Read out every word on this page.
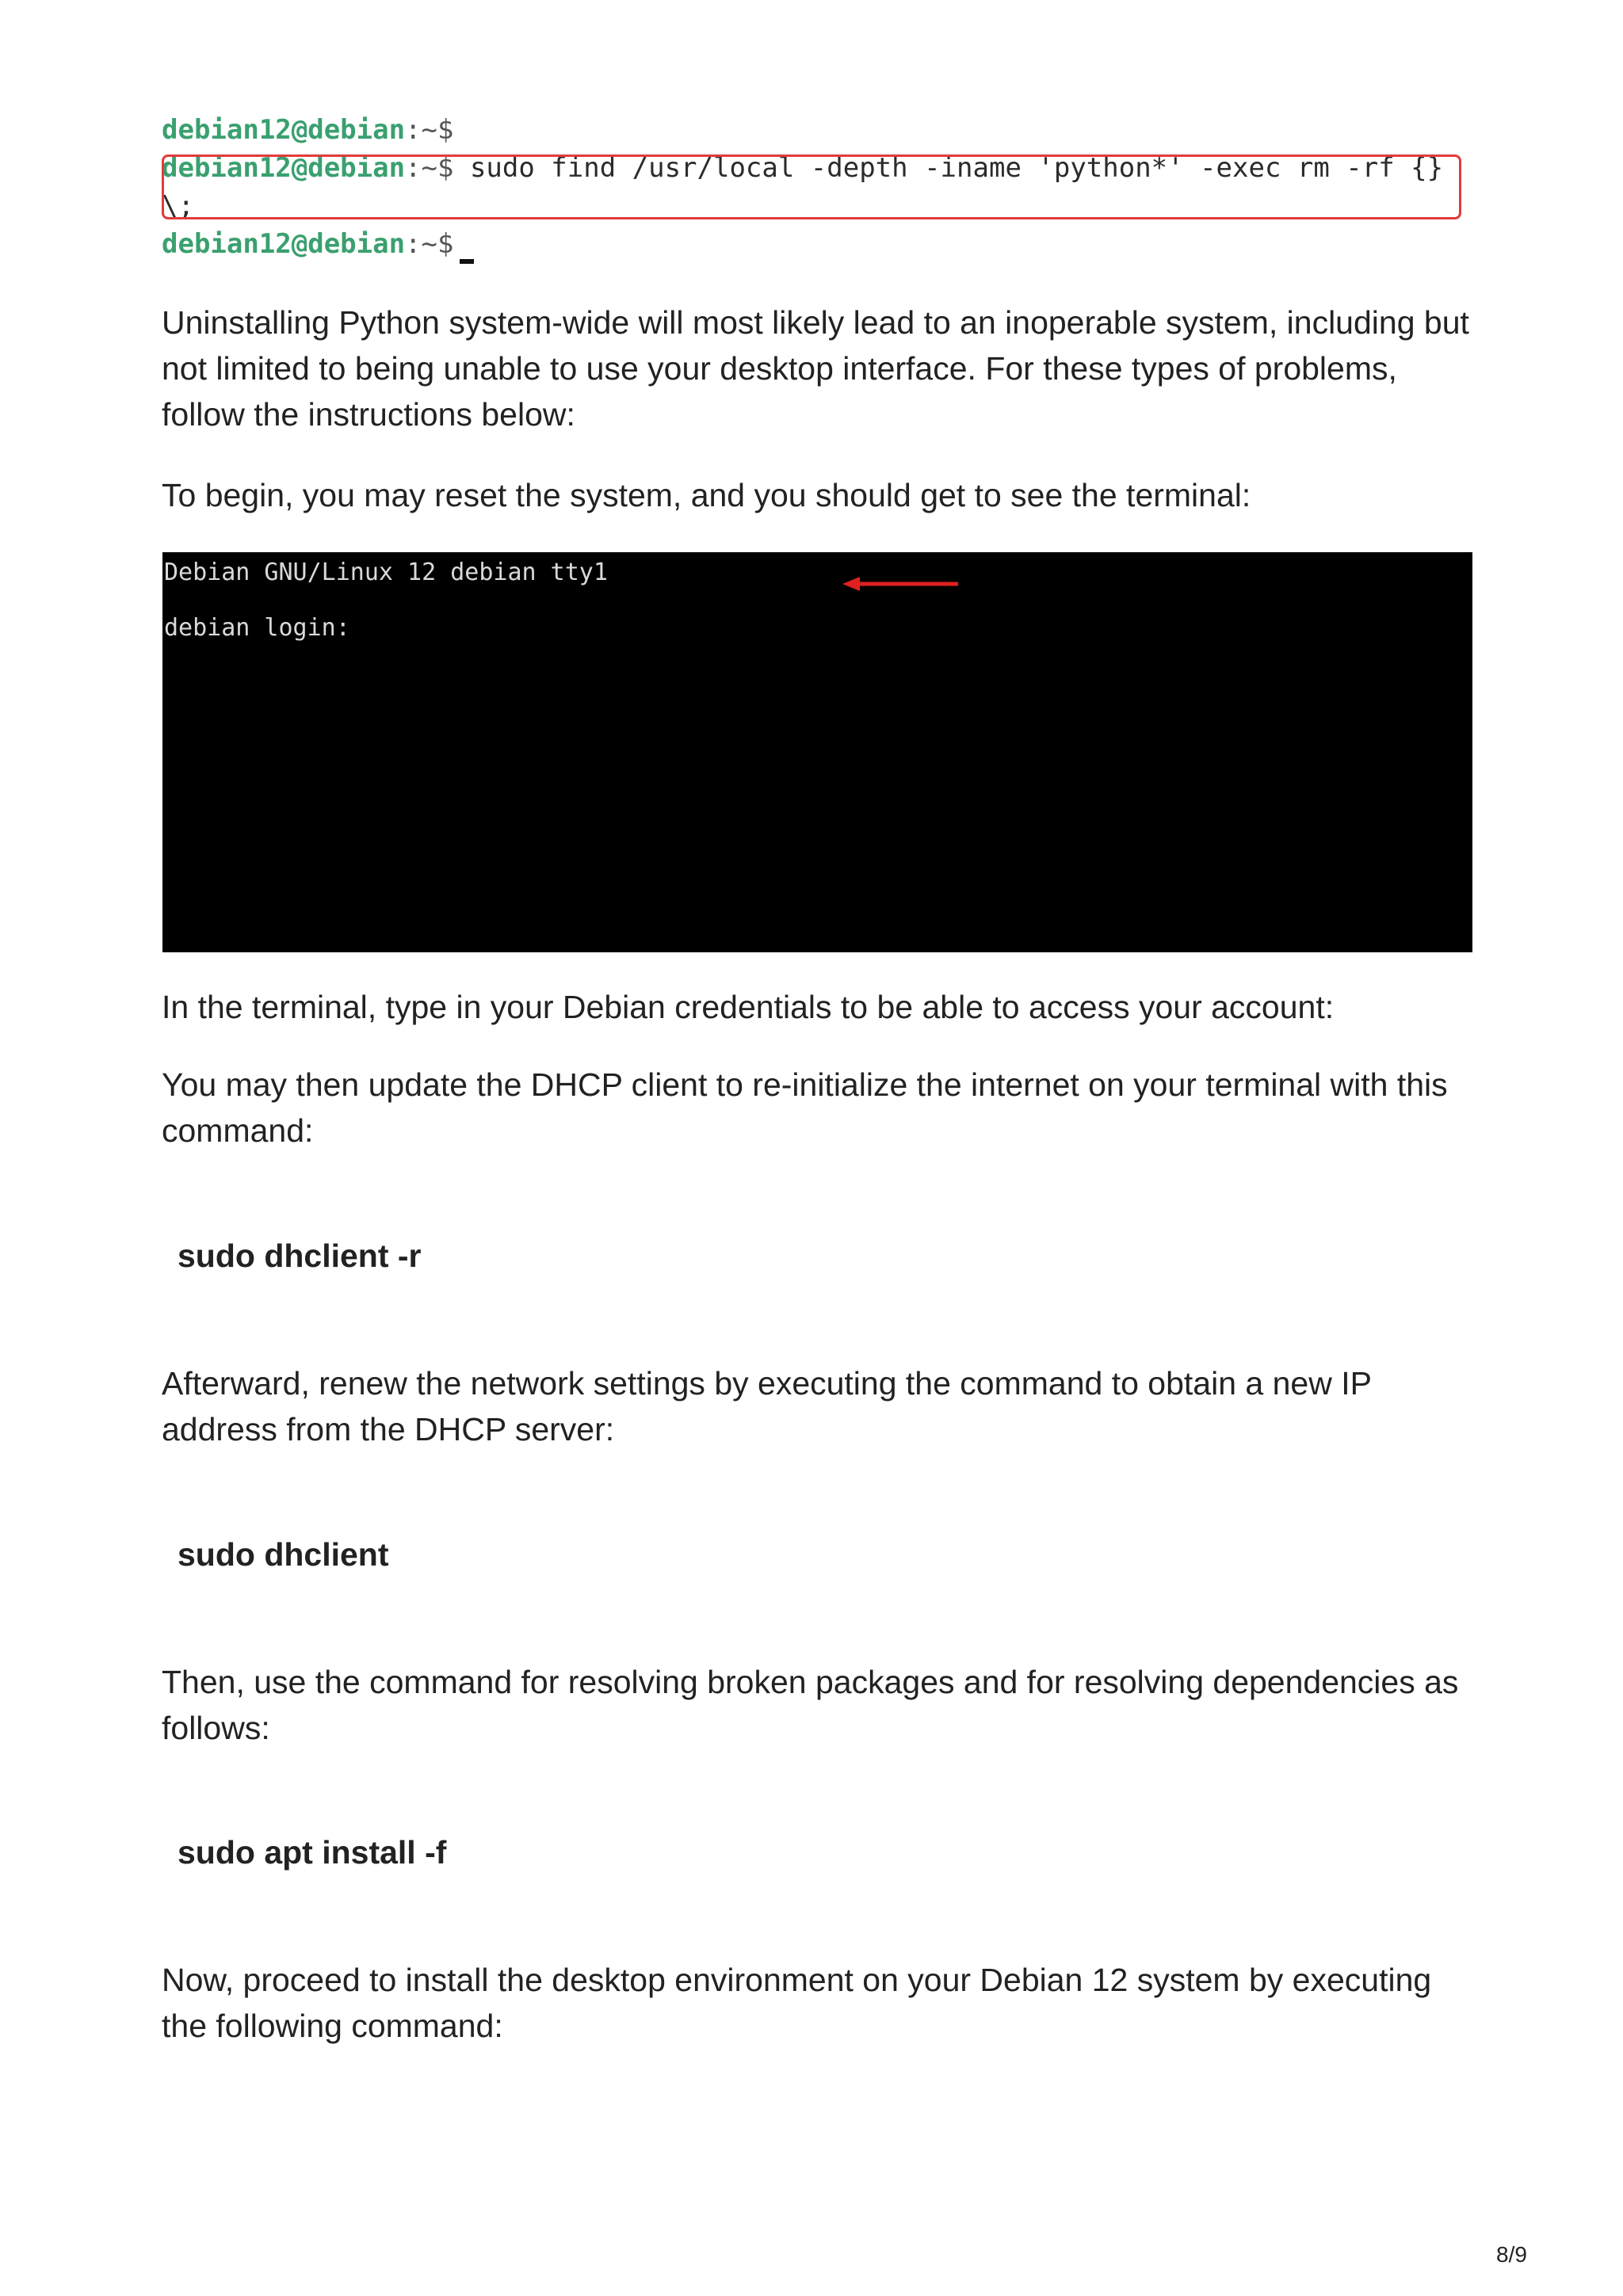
debian12@debian:~$
debian12@debian:~$ sudo find /usr/local -depth -iname 'python*' -exec rm -rf {}
\;
debian12@debian:~$

Uninstalling Python system-wide will most likely lead to an inoperable system, including but not limited to being unable to use your desktop interface. For these types of problems, follow the instructions below:

To begin, you may reset the system, and you should get to see the terminal:

Debian GNU/Linux 12 debian tty1
debian login:

In the terminal, type in your Debian credentials to be able to access your account:

You may then update the DHCP client to re-initialize the internet on your terminal with this command:

sudo dhclient -r

Afterward, renew the network settings by executing the command to obtain a new IP address from the DHCP server:

sudo dhclient

Then, use the command for resolving broken packages and for resolving dependencies as follows:

sudo apt install -f

Now, proceed to install the desktop environment on your Debian 12 system by executing the following command:

8/9
